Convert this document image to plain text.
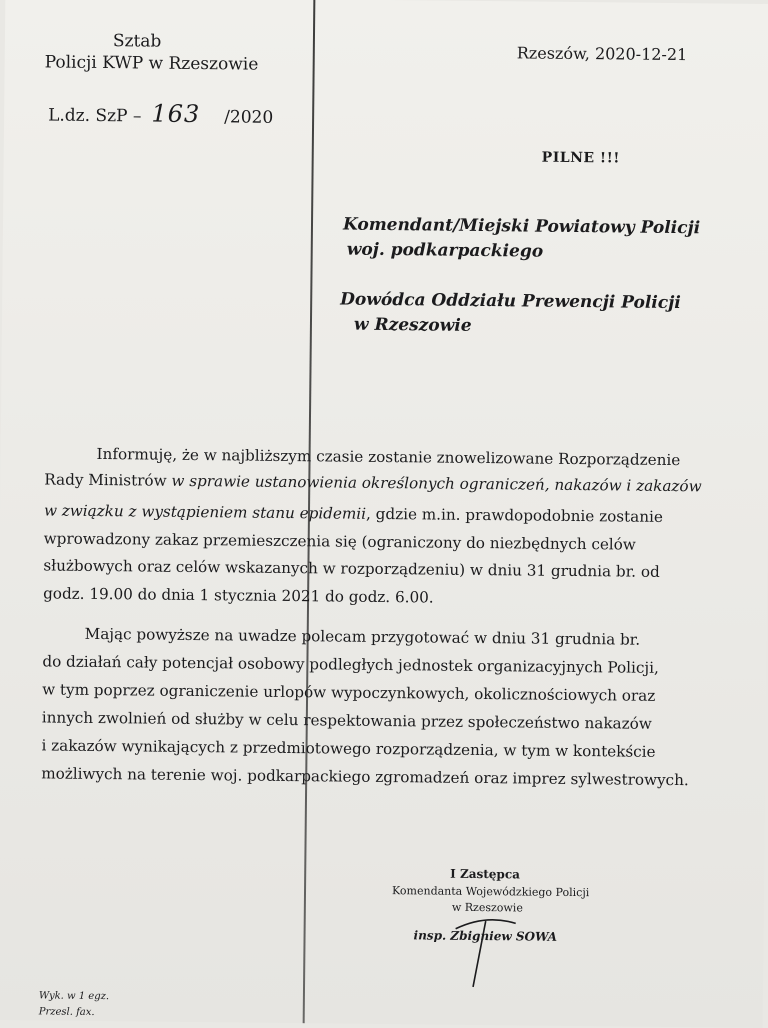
Sztab
Policji KWP w Rzeszowie
L.dz. SzP – 163 /2020
Rzeszów, 2020-12-21
PILNE !!!
Komendant/Miejski Powiatowy Policji
woj. podkarpackiego
Dowódca Oddziału Prewencji Policji
w Rzeszowie
Informuję, że w najbliższym czasie zostanie znowelizowane Rozporządzenie
Rady Ministrów w sprawie ustanowienia określonych ograniczeń, nakazów i zakazów
w związku z wystąpieniem stanu epidemii, gdzie m.in. prawdopodobnie zostanie
wprowadzony zakaz przemieszczenia się (ograniczony do niezbędnych celów
służbowych oraz celów wskazanych w rozporządzeniu) w dniu 31 grudnia br. od
godz. 19.00 do dnia 1 stycznia 2021 do godz. 6.00.
Mając powyższe na uwadze polecam przygotować w dniu 31 grudnia br.
do działań cały potencjał osobowy podległych jednostek organizacyjnych Policji,
w tym poprzez ograniczenie urlopów wypoczynkowych, okolicznościowych oraz
innych zwolnień od służby w celu respektowania przez społeczeństwo nakazów
i zakazów wynikających z przedmiotowego rozporządzenia, w tym w kontekście
możliwych na terenie woj. podkarpackiego zgromadzeń oraz imprez sylwestrowych.
I Zastępca
Komendanta Wojewódzkiego Policji
w Rzeszowie
insp. Zbigniew SOWA
Wyk. w 1 egz.
Przesl. fax.
